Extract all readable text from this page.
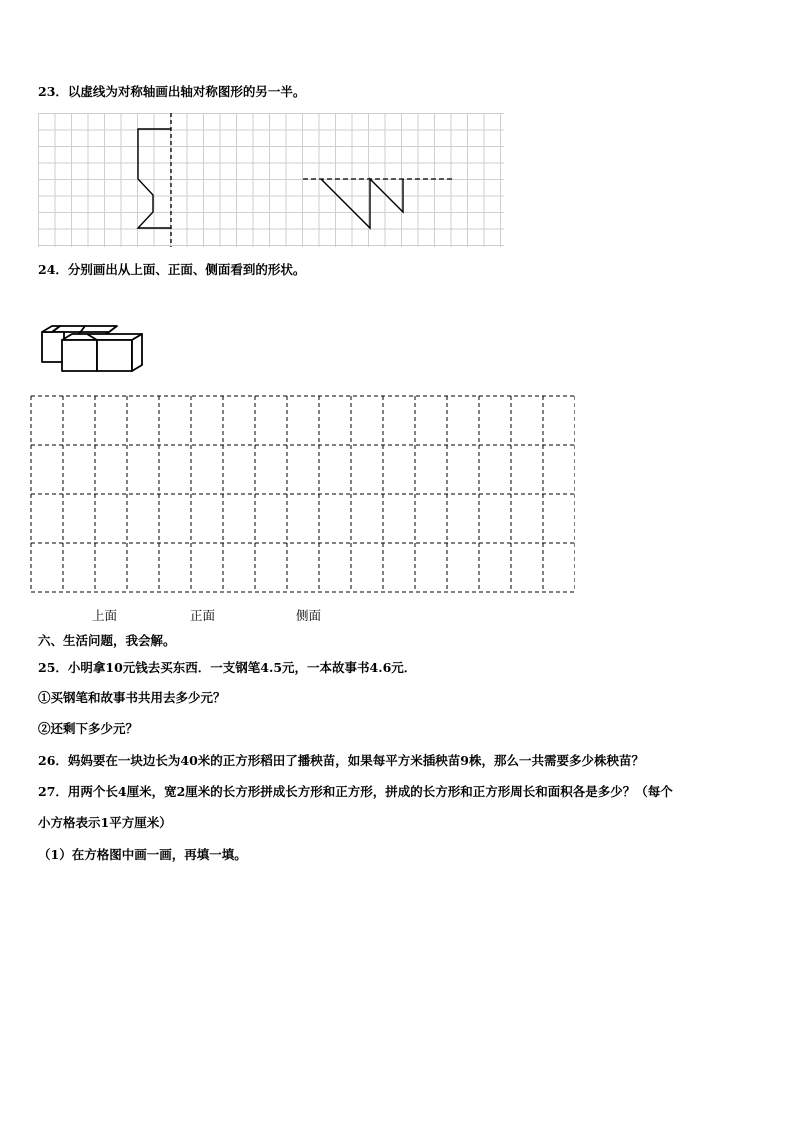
23．以虚线为对称轴画出轴对称图形的另一半。
24．分别画出从上面、正面、侧面看到的形状。
上面	正面	侧面
六、生活问题，我会解。
25．小明拿10元钱去买东西．一支钢笔4.5元，一本故事书4.6元．
①买钢笔和故事书共用去多少元？
②还剩下多少元？
26．妈妈要在一块边长为40米的正方形稻田了播秧苗，如果每平方米插秧苗9株，那么一共需要多少株秧苗？
27．用两个长4厘米，宽2厘米的长方形拼成长方形和正方形，拼成的长方形和正方形周长和面积各是多少？（每个
小方格表示1平方厘米）
（1）在方格图中画一画，再填一填。
